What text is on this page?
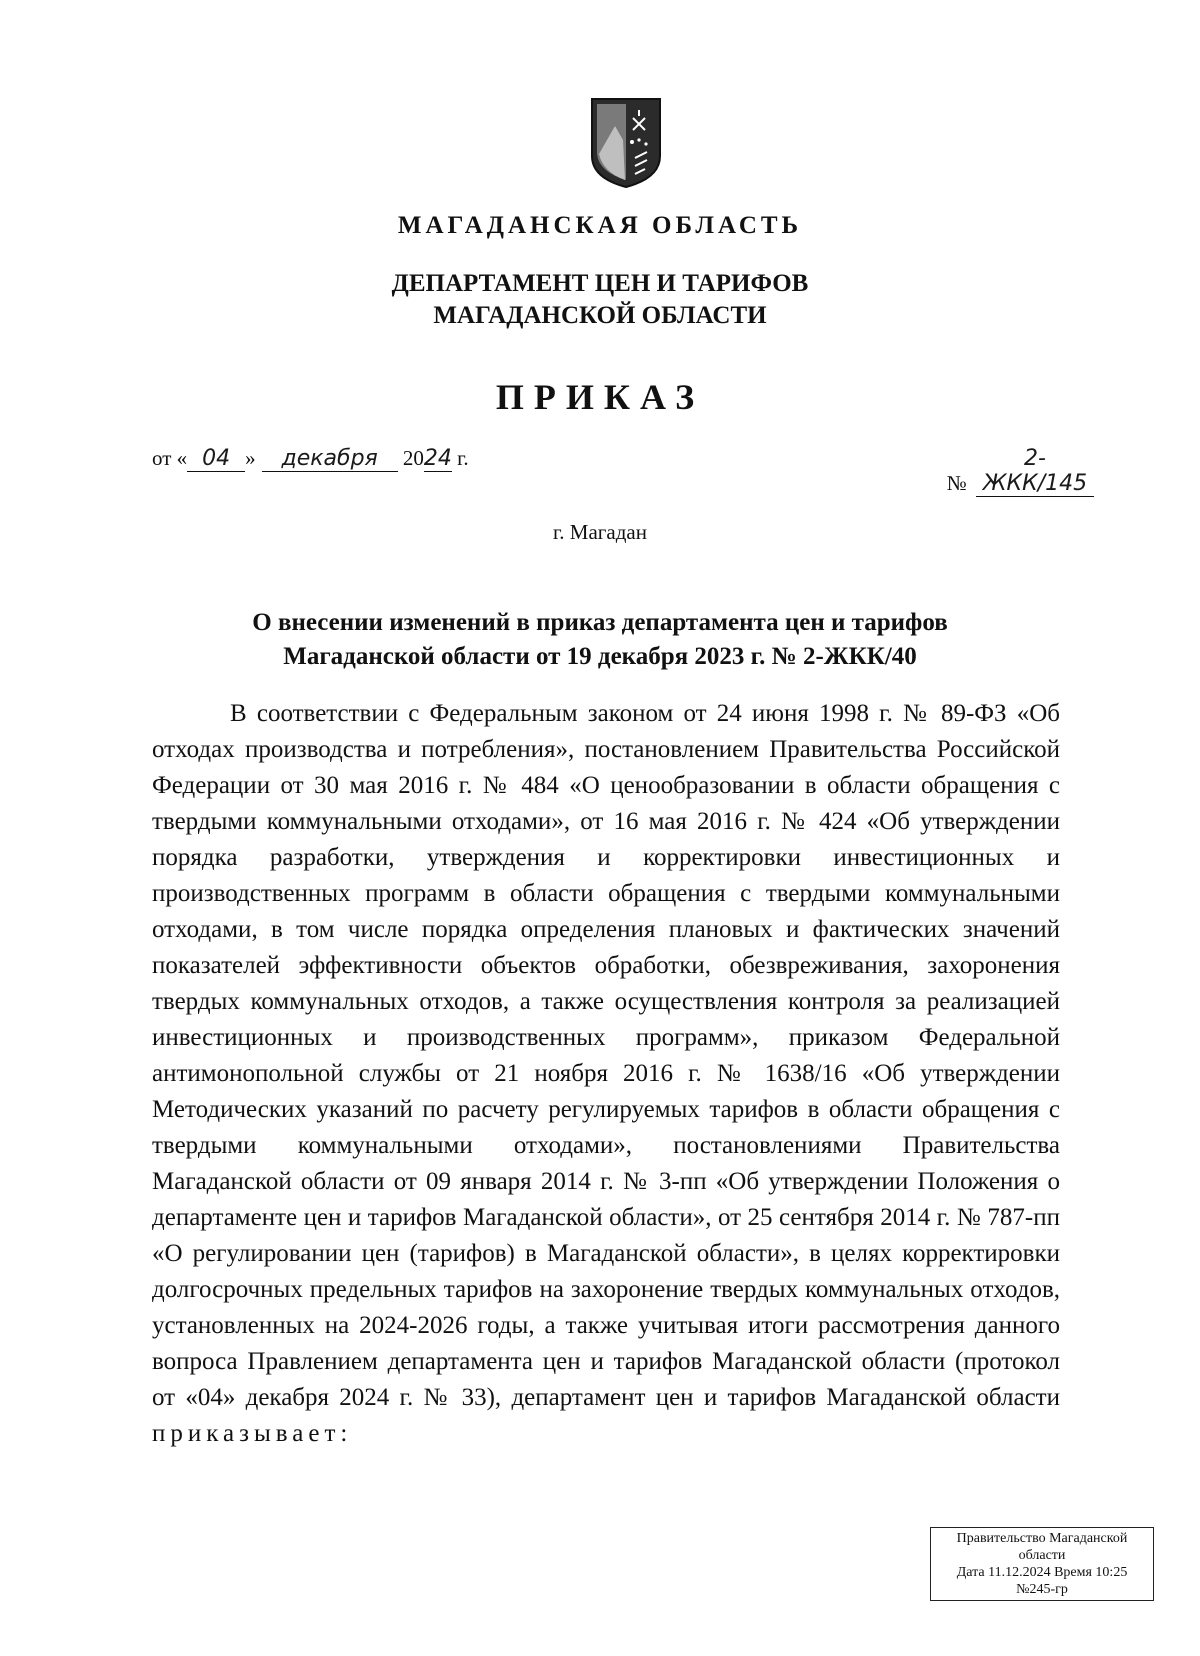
МАГАДАНСКАЯ ОБЛАСТЬ
ДЕПАРТАМЕНТ ЦЕН И ТАРИФОВ
МАГАДАНСКОЙ ОБЛАСТИ
ПРИКАЗ
от « 04 » декабря 2024 г.
№ 2-ЖКК/145
г. Магадан
О внесении изменений в приказ департамента цен и тарифов
Магаданской области от 19 декабря 2023 г. № 2-ЖКК/40

В соответствии с Федеральным законом от 24 июня 1998 г. № 89-ФЗ «Об отходах производства и потребления», постановлением Правительства Российской Федерации от 30 мая 2016 г. № 484 «О ценообразовании в области обращения с твердыми коммунальными отходами», от 16 мая 2016 г. № 424 «Об утверждении порядка разработки, утверждения и корректировки инвестиционных и производственных программ в области обращения с твердыми коммунальными отходами, в том числе порядка определения плановых и фактических значений показателей эффективности объектов обработки, обезвреживания, захоронения твердых коммунальных отходов, а также осуществления контроля за реализацией инвестиционных и производственных программ», приказом Федеральной антимонопольной службы от 21 ноября 2016 г. № 1638/16 «Об утверждении Методических указаний по расчету регулируемых тарифов в области обращения с твердыми коммунальными отходами», постановлениями Правительства Магаданской области от 09 января 2014 г. № 3-пп «Об утверждении Положения о департаменте цен и тарифов Магаданской области», от 25 сентября 2014 г. № 787-пп «О регулировании цен (тарифов) в Магаданской области», в целях корректировки долгосрочных предельных тарифов на захоронение твердых коммунальных отходов, установленных на 2024-2026 годы, а также учитывая итоги рассмотрения данного вопроса Правлением департамента цен и тарифов Магаданской области (протокол от «04» декабря 2024 г. № 33), департамент цен и тарифов Магаданской области приказывает:

Правительство Магаданской
области
Дата 11.12.2024 Время 10:25
№245-гр
